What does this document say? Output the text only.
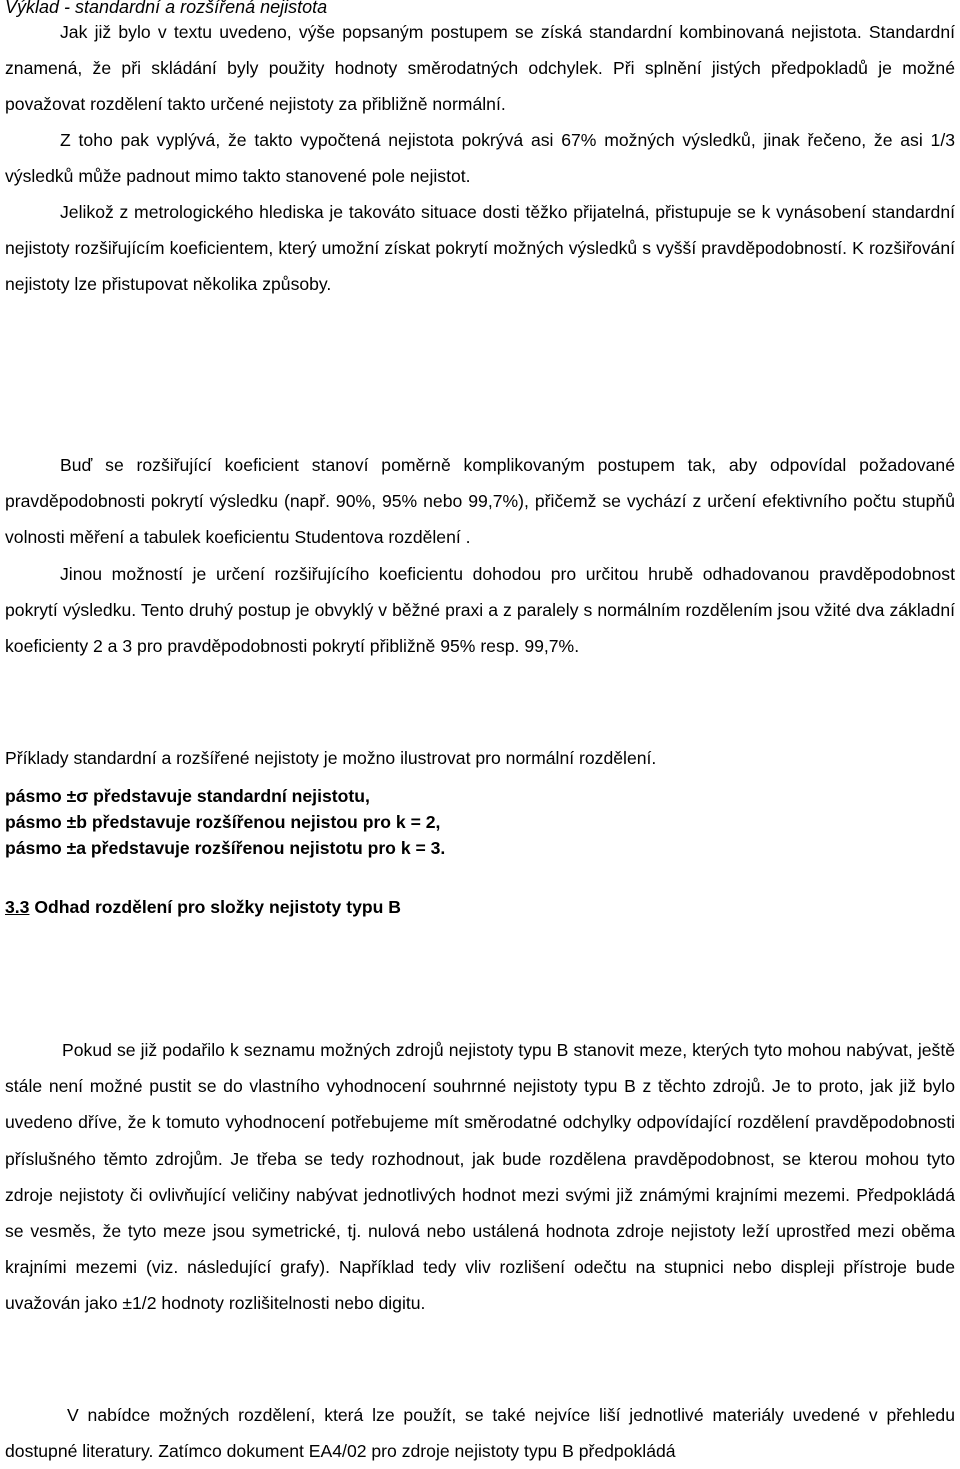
Výklad - standardní a rozšířená nejistota

Jak již bylo v textu uvedeno, výše popsaným postupem se získá standardní kombinovaná nejistota. Standardní znamená, že při skládání byly použity hodnoty směrodatných odchylek. Při splnění jistých předpokladů je možné považovat rozdělení takto určené nejistoty za přibližně normální.

Z toho pak vyplývá, že takto vypočtená nejistota pokrývá asi 67% možných výsledků, jinak řečeno, že asi 1/3 výsledků může padnout mimo takto stanovené pole nejistot.

Jelikož z metrologického hlediska je takováto situace dosti těžko přijatelná, přistupuje se k vynásobení standardní nejistoty rozšiřujícím koeficientem, který umožní získat pokrytí možných výsledků s vyšší pravděpodobností. K rozšiřování nejistoty lze přistupovat několika způsoby.

Buď se rozšiřující koeficient stanoví poměrně komplikovaným postupem tak, aby odpovídal požadované pravděpodobnosti pokrytí výsledku (např. 90%, 95% nebo 99,7%), přičemž se vychází z určení efektivního počtu stupňů volnosti měření a tabulek koeficientu Studentova rozdělení .

Jinou možností je určení rozšiřujícího koeficientu dohodou pro určitou hrubě odhadovanou pravděpodobnost pokrytí výsledku. Tento druhý postup je obvyklý v běžné praxi a z paralely s normálním rozdělením jsou vžité dva základní koeficienty 2 a 3 pro pravděpodobnosti pokrytí přibližně 95% resp. 99,7%.

Příklady standardní a rozšířené nejistoty je možno ilustrovat pro normální rozdělení.

pásmo ±σ představuje standardní nejistotu,
pásmo ±b představuje rozšířenou nejistou pro k = 2,
pásmo ±a představuje rozšířenou nejistotu pro k = 3.
3.3 Odhad rozdělení pro složky nejistoty typu B

Pokud se již podařilo k seznamu možných zdrojů nejistoty typu B stanovit meze, kterých tyto mohou nabývat, ještě stále není možné pustit se do vlastního vyhodnocení souhrnné nejistoty typu B z těchto zdrojů. Je to proto, jak již bylo uvedeno dříve, že k tomuto vyhodnocení potřebujeme mít směrodatné odchylky odpovídající rozdělení pravděpodobnosti příslušného těmto zdrojům. Je třeba se tedy rozhodnout, jak bude rozdělena pravděpodobnost, se kterou mohou tyto zdroje nejistoty či ovlivňující veličiny nabývat jednotlivých hodnot mezi svými již známými krajními mezemi. Předpokládá se vesměs, že tyto meze jsou symetrické, tj. nulová nebo ustálená hodnota zdroje nejistoty leží uprostřed mezi oběma krajními mezemi (viz. následující grafy). Například tedy vliv rozlišení odečtu na stupnici nebo displeji přístroje bude uvažován jako ±1/2 hodnoty rozlišitelnosti nebo digitu.

V nabídce možných rozdělení, která lze použít, se také nejvíce liší jednotlivé materiály uvedené v přehledu dostupné literatury. Zatímco dokument EA4/02 pro zdroje nejistoty typu B předpokládá
